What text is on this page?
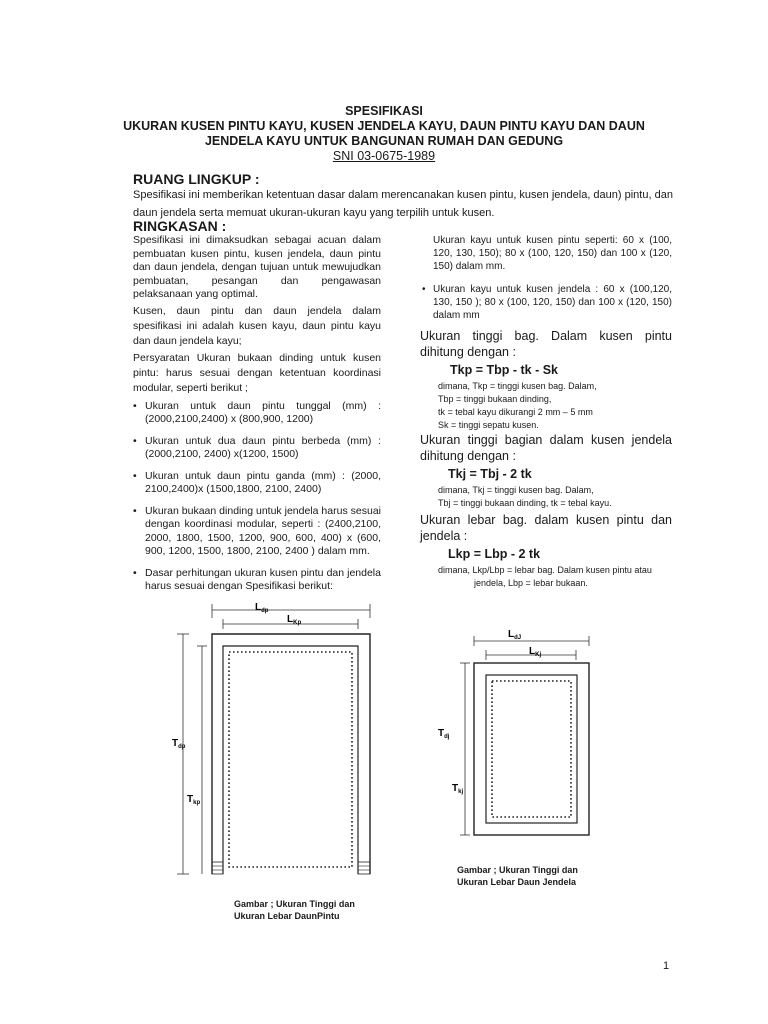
SPESIFIKASI
UKURAN KUSEN PINTU KAYU, KUSEN JENDELA KAYU, DAUN PINTU KAYU DAN DAUN
JENDELA KAYU UNTUK BANGUNAN RUMAH DAN GEDUNG
SNI 03-0675-1989
RUANG LINGKUP :

Spesifikasi ini memberikan ketentuan dasar dalam merencanakan kusen pintu, kusen jendela, daun) pintu, dan daun jendela serta memuat ukuran-ukuran kayu yang terpilih untuk kusen.

RINGKASAN :

Spesifikasi ini dimaksudkan sebagai acuan dalam pembuatan kusen pintu, kusen jendela, daun pintu dan daun jendela, dengan tujuan untuk mewujudkan pembuatan, pesangan dan pengawasan pelaksanaan yang optimal.

Kusen, daun pintu dan daun jendela dalam spesifikasi ini adalah kusen kayu, daun pintu kayu dan daun jendela kayu;

Persyaratan Ukuran bukaan dinding untuk kusen pintu: harus sesuai dengan ketentuan koordinasi modular, seperti berikut ;

• Ukuran untuk daun pintu tunggal (mm) : (2000,2100,2400) x (800,900, 1200)
• Ukuran untuk dua daun pintu berbeda (mm) : (2000,2100, 2400) x(1200, 1500)
• Ukuran untuk daun pintu ganda (mm) : (2000, 2100,2400)x (1500,1800, 2100, 2400)
• Ukuran bukaan dinding untuk jendela harus sesuai dengan koordinasi modular, seperti : (2400,2100, 2000, 1800, 1500, 1200, 900, 600, 400) x (600, 900, 1200, 1500, 1800, 2100, 2400 ) dalam mm.
• Dasar perhitungan ukuran kusen pintu dan jendela harus sesuai dengan Spesifikasi berikut:

Ukuran kayu untuk kusen pintu seperti: 60 x (100, 120, 130, 150); 80 x (100, 120, 150) dan 100 x (120, 150) dalam mm.

• Ukuran kayu untuk kusen jendela : 60 x (100,120, 130, 150 ); 80 x (100, 120, 150) dan 100 x (120, 150) dalam mm

Ukuran tinggi bag. Dalam kusen pintu dihitung dengan :

Tkp = Tbp - tk - Sk
dimana, Tkp = tinggi kusen bag. Dalam,
Tbp = tinggi bukaan dinding,
tk = tebal kayu dikurangi 2 mm – 5 mm
Sk = tinggi sepatu kusen.

Ukuran tinggi bagian dalam kusen jendela dihitung dengan :

Tkj = Tbj - 2 tk
dimana, Tkj = tinggi kusen bag. Dalam,
Tbj = tinggi bukaan dinding, tk = tebal kayu.

Ukuran lebar bag. dalam kusen pintu dan jendela :

Lkp = Lbp - 2 tk
dimana, Lkp/Lbp = lebar bag. Dalam kusen pintu atau
jendela, Lbp = lebar bukaan.
$L_{dp}$
$L_{Kp}$
$T_{dp}$
$T_{kp}$
Gambar ; Ukuran Tinggi dan
Ukuran Lebar DaunPintu
$L_{dJ}$
$L_{Kj}$
$T_{dj}$
$T_{kj}$
Gambar ; Ukuran Tinggi dan
Ukuran Lebar Daun Jendela
1
